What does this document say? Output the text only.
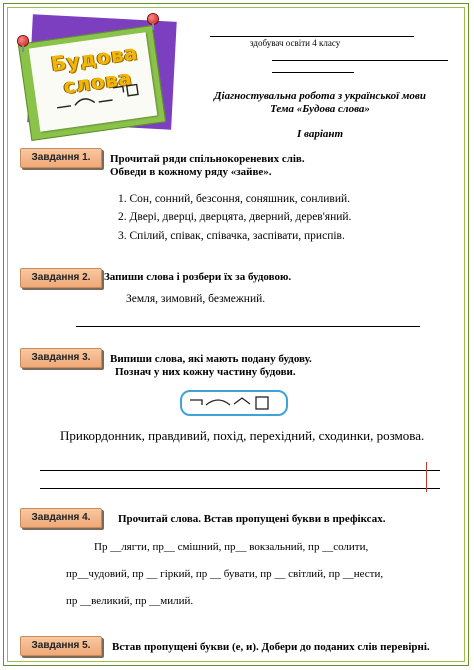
Будова слова
здобувач освіти 4 класу
Діагностувальна робота з української мови
Тема «Будова слова»
І варіант
Завдання 1.	Прочитай ряди спільнокореневих слів.
Обведи в кожному ряду «зайве».
1. Сон, сонний, безсоння, соняшник, сонливий.
2. Двері, дверці, дверцята, дверний, дерев'яний.
3. Спілий, співак, співачка, заспівати, приспів.
Завдання 2.	Запиши слова і розбери їх за будовою.
Земля, зимовий, безмежний.
Завдання 3.	Випиши слова, які мають подану будову.
Познач у них кожну частину будови.
Прикордонник, правдивий, похід, перехідний, сходинки, розмова.
Завдання 4.	Прочитай слова. Встав пропущені букви в префіксах.
Пр __лягти, пр__ смішний, пр__ вокзальний, пр __солити,
пр__чудовий, пр __ гіркий, пр __ бувати, пр __ світлий, пр __нести,
пр __великий, пр __милий.
Завдання 5.	Встав пропущені букви (е, и). Добери до поданих слів перевірні.
